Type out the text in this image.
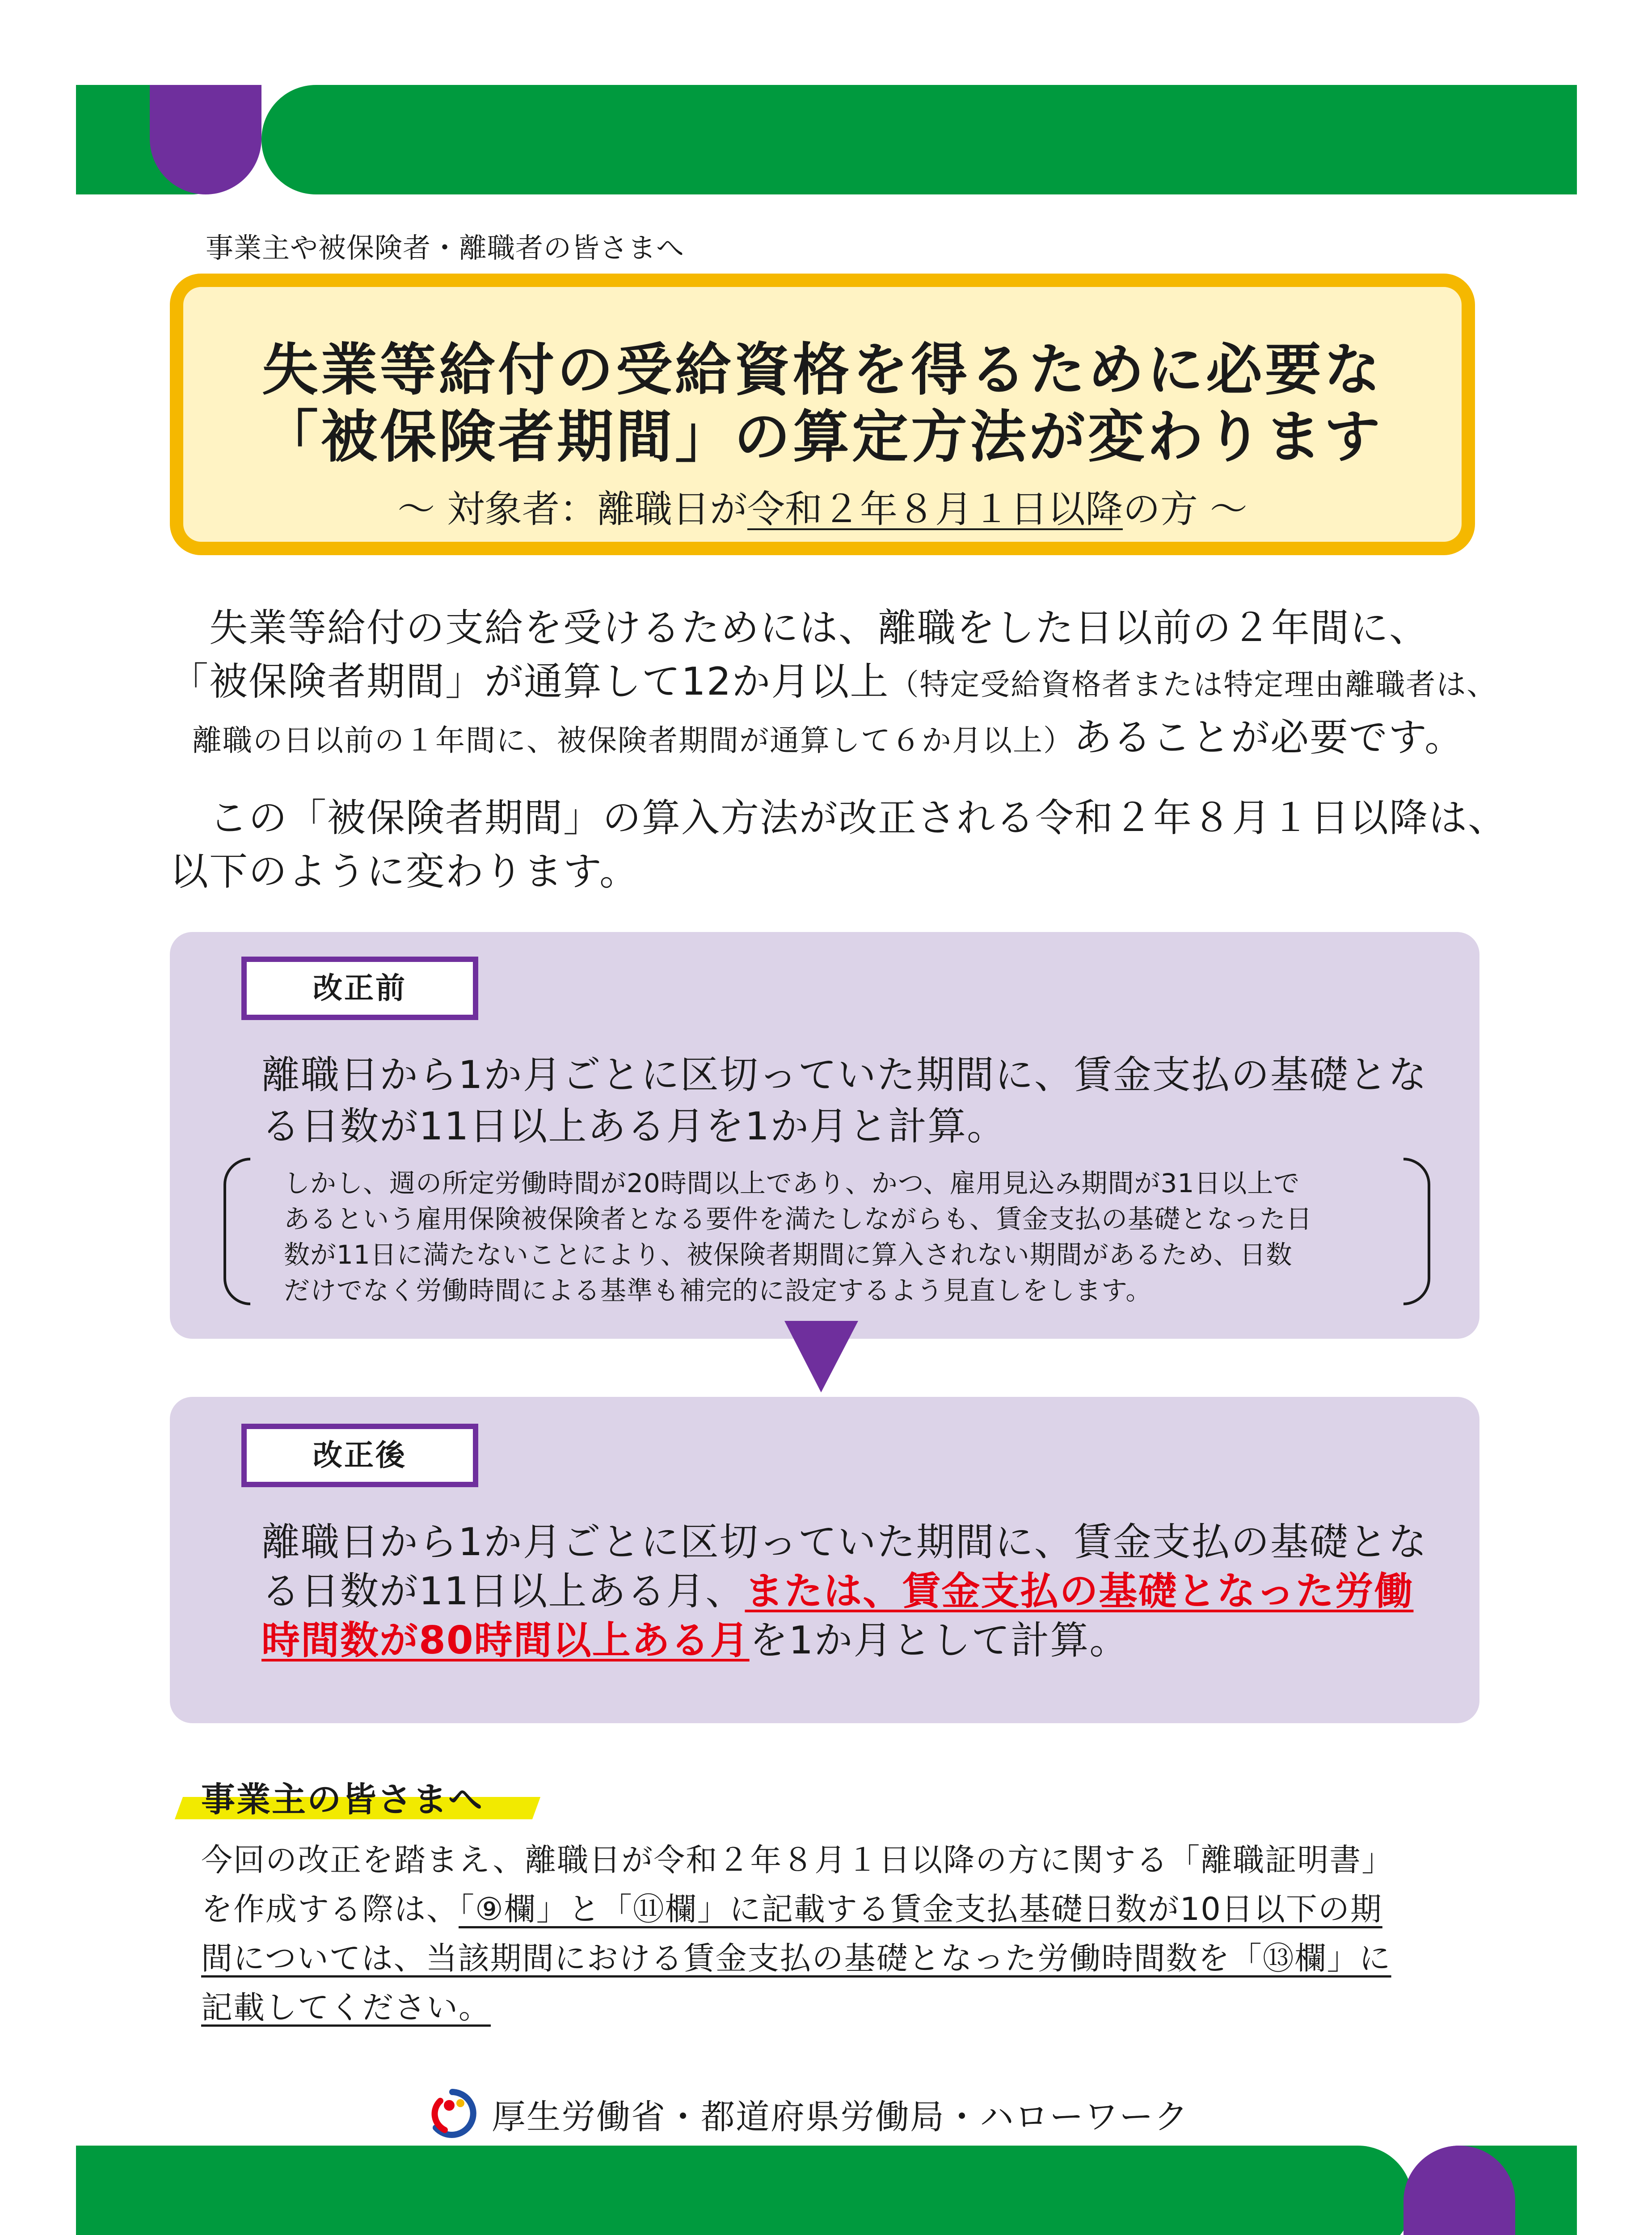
事業主や被保険者・離職者の皆さまへ
失業等給付の受給資格を得るために必要な
「被保険者期間」の算定方法が変わります
～ 対象者：離職日が令和２年８月１日以降の方 ～
　失業等給付の支給を受けるためには、離職をした日以前の２年間に、
「被保険者期間」が通算して12か月以上（特定受給資格者または特定理由離職者は、
離職の日以前の１年間に、被保険者期間が通算して６か月以上）あることが必要です。
　この「被保険者期間」の算入方法が改正される令和２年８月１日以降は、
以下のように変わります。
改正前
離職日から1か月ごとに区切っていた期間に、賃金支払の基礎とな
る日数が11日以上ある月を1か月と計算。
しかし、週の所定労働時間が20時間以上であり、かつ、雇用見込み期間が31日以上で
あるという雇用保険被保険者となる要件を満たしながらも、賃金支払の基礎となった日
数が11日に満たないことにより、被保険者期間に算入されない期間があるため、日数
だけでなく労働時間による基準も補完的に設定するよう見直しをします。
改正後
離職日から1か月ごとに区切っていた期間に、賃金支払の基礎とな
る日数が11日以上ある月、または、賃金支払の基礎となった労働
時間数が80時間以上ある月を1か月として計算。
事業主の皆さまへ
今回の改正を踏まえ、離職日が令和２年８月１日以降の方に関する「離職証明書」
を作成する際は、「⑨欄」と「⑪欄」に記載する賃金支払基礎日数が10日以下の期
間については、当該期間における賃金支払の基礎となった労働時間数を「⑬欄」に
記載してください。
厚生労働省・都道府県労働局・ハローワーク
